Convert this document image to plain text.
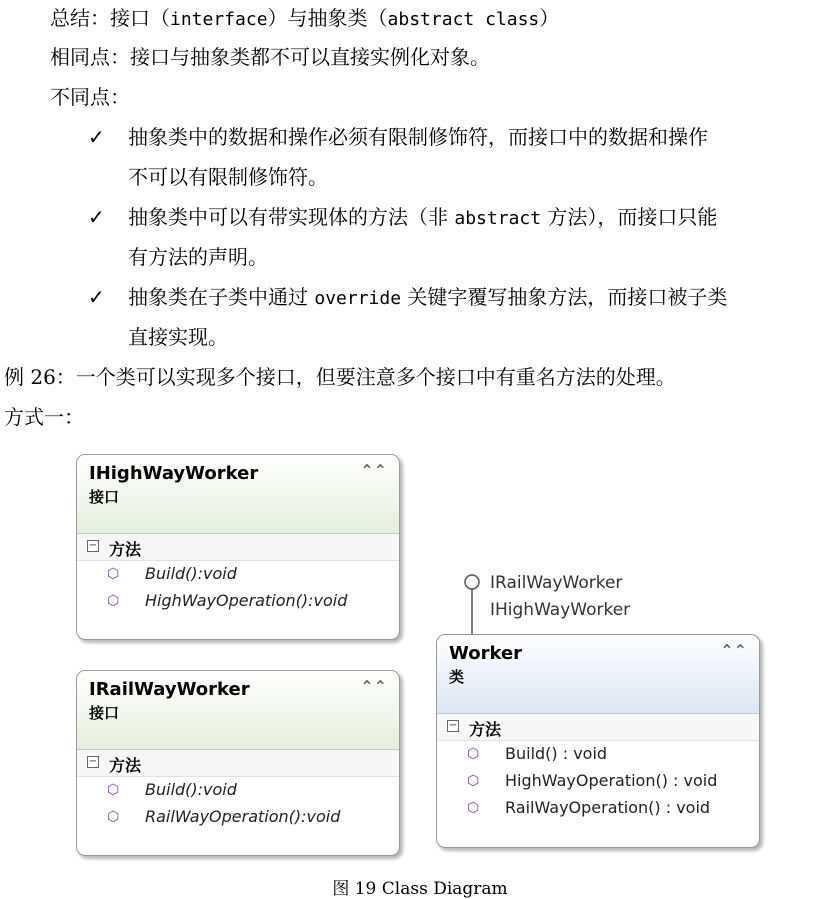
总结：接口（interface）与抽象类（abstract class）
相同点：接口与抽象类都不可以直接实例化对象。
不同点：
✓ 抽象类中的数据和操作必须有限制修饰符，而接口中的数据和操作
不可以有限制修饰符。
✓ 抽象类中可以有带实现体的方法（非 abstract 方法），而接口只能
有方法的声明。
✓ 抽象类在子类中通过 override 关键字覆写抽象方法，而接口被子类
直接实现。
例 26：一个类可以实现多个接口，但要注意多个接口中有重名方法的处理。
方式一：
IHighWayWorker
接口
⌃⌃
− 方法
⬡ Build():void
⬡ HighWayOperation():void
IRailWayWorker
接口
⌃⌃
− 方法
⬡ Build():void
⬡ RailWayOperation():void
IRailWayWorker
IHighWayWorker
Worker
类
⌃⌃
− 方法
⬡ Build() : void
⬡ HighWayOperation() : void
⬡ RailWayOperation() : void
图 19 Class Diagram
